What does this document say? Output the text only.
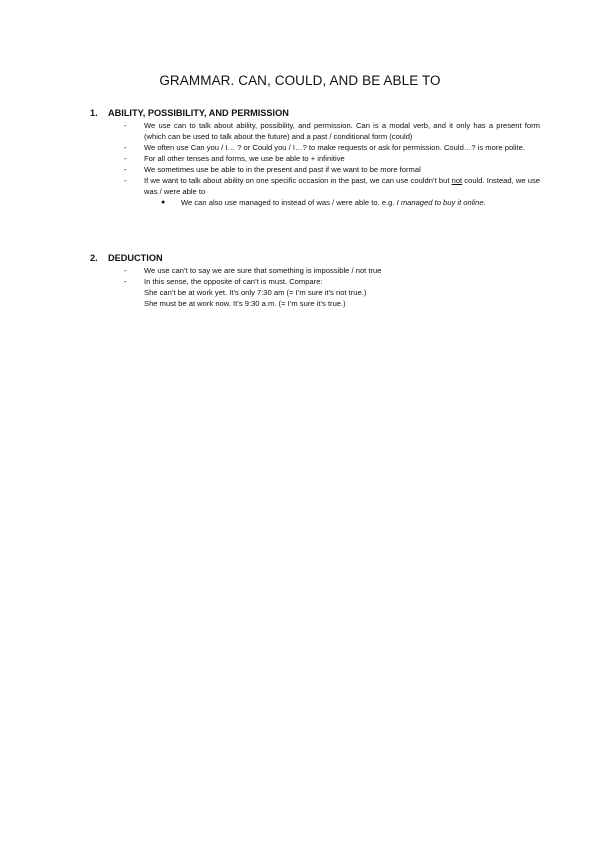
GRAMMAR. CAN, COULD, AND BE ABLE TO
1. ABILITY, POSSIBILITY, AND PERMISSION
- We use can to talk about ability, possibility, and permission. Can is a modal verb, and it only has a present form (which can be used to talk about the future) and a past / conditional form (could)
- We often use Can you / I… ? or Could you / I…? to make requests or ask for permission. Could…? is more polite.
- For all other tenses and forms, we use be able to + infinitive
- We sometimes use be able to in the present and past if we want to be more formal
- If we want to talk about ability on one specific occasion in the past, we can use couldn’t but not could. Instead, we use was / were able to
● We can also use managed to instead of was / were able to. e.g. I managed to buy it online.
2. DEDUCTION
- We use can’t to say we are sure that something is impossible / not true
- In this sense, the opposite of can’t is must. Compare:
She can’t be at work yet. It’s only 7:30 am (= I’m sure it’s not true.)
She must be at work now. It’s 9:30 a.m. (= I’m sure it’s true.)
